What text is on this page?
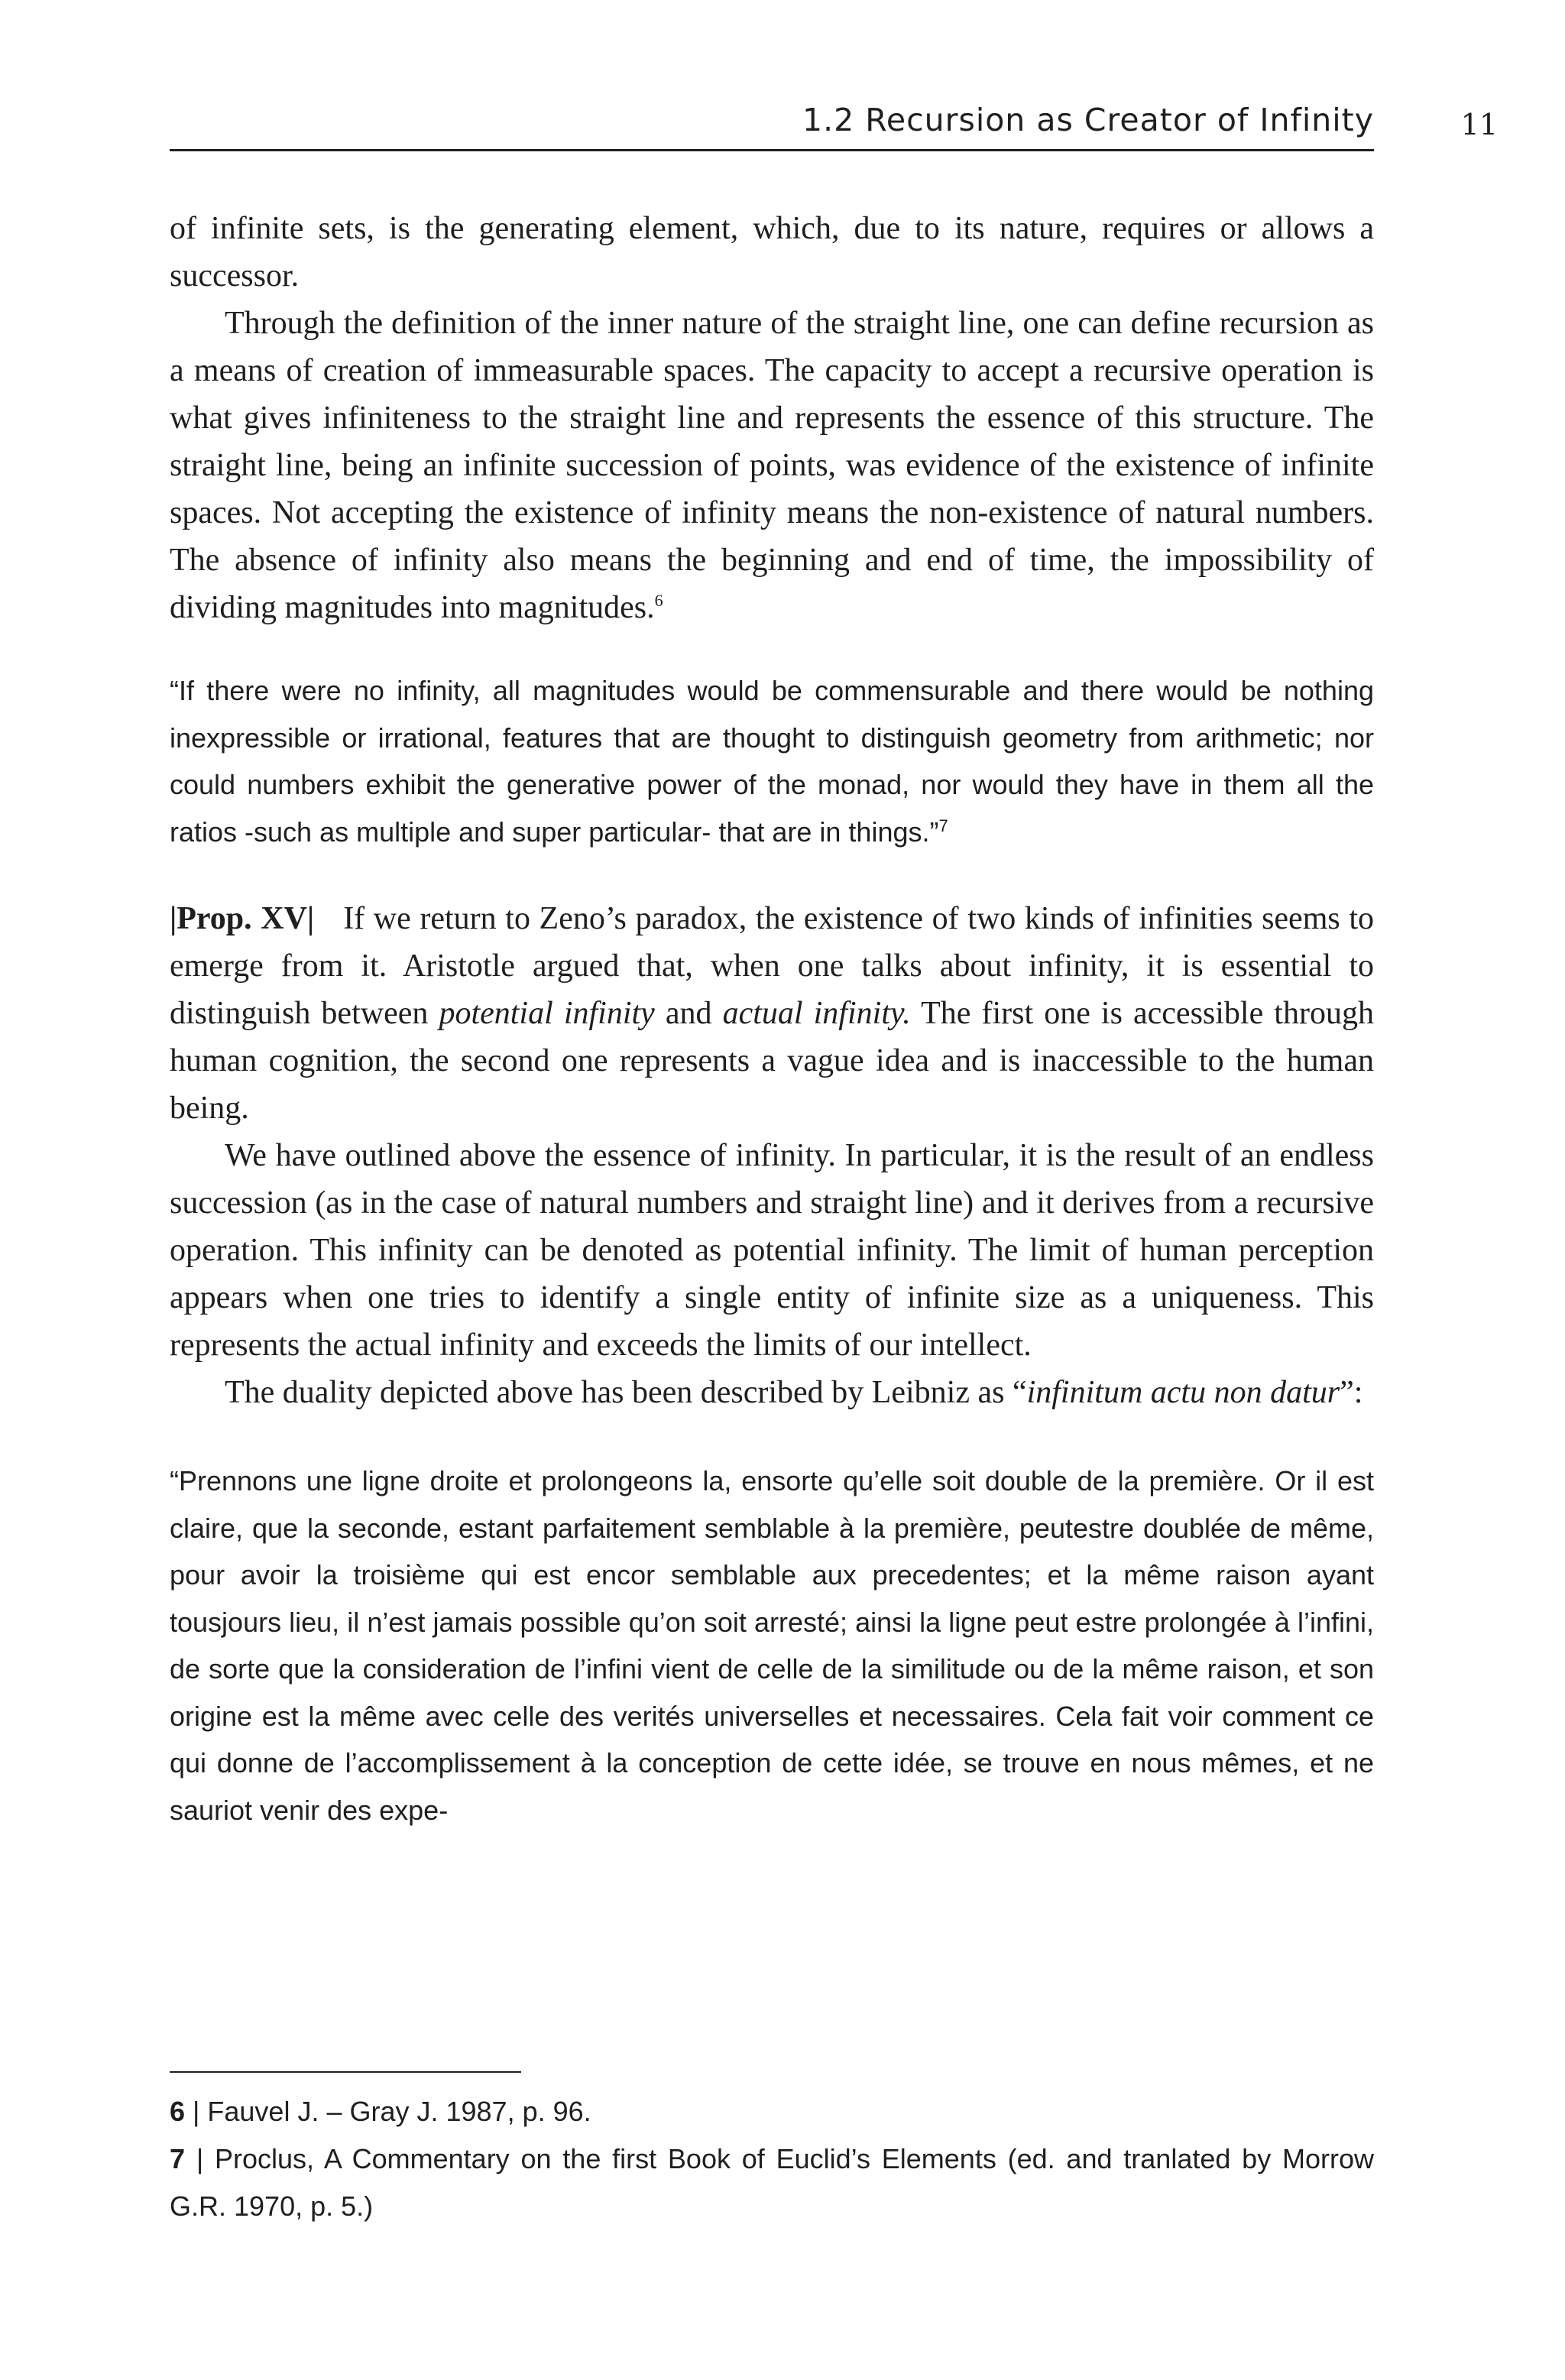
1.2 Recursion as Creator of Infinity	11

of infinite sets, is the generating element, which, due to its nature, requires or allows a successor.

Through the definition of the inner nature of the straight line, one can define recursion as a means of creation of immeasurable spaces. The capacity to accept a recursive operation is what gives infiniteness to the straight line and represents the essence of this structure. The straight line, being an infinite succession of points, was evidence of the existence of infinite spaces. Not accepting the existence of infinity means the non-existence of natural numbers. The absence of infinity also means the beginning and end of time, the impossibility of dividing magnitudes into magnitudes.$^6$

“If there were no infinity, all magnitudes would be commensurable and there would be nothing inexpressible or irrational, features that are thought to distinguish geometry from arithmetic; nor could numbers exhibit the generative power of the monad, nor would they have in them all the ratios -such as multiple and super particular- that are in things.”$^7$

|Prop. XV| If we return to Zeno’s paradox, the existence of two kinds of infinities seems to emerge from it. Aristotle argued that, when one talks about infinity, it is essential to distinguish between potential infinity and actual infinity. The first one is accessible through human cognition, the second one represents a vague idea and is inaccessible to the human being.

We have outlined above the essence of infinity. In particular, it is the result of an endless succession (as in the case of natural numbers and straight line) and it derives from a recursive operation. This infinity can be denoted as potential infinity. The limit of human perception appears when one tries to identify a single entity of infinite size as a uniqueness. This represents the actual infinity and exceeds the limits of our intellect.

The duality depicted above has been described by Leibniz as “infinitum actu non datur”:

“Prennons une ligne droite et prolongeons la, ensorte qu’elle soit double de la première. Or il est claire, que la seconde, estant parfaitement semblable à la première, peutestre doublée de même, pour avoir la troisième qui est encor semblable aux precedentes; et la même raison ayant tousjours lieu, il n’est jamais possible qu’on soit arresté; ainsi la ligne peut estre prolongée à l’infini, de sorte que la consideration de l’infini vient de celle de la similitude ou de la même raison, et son origine est la même avec celle des verités universelles et necessaires. Cela fait voir comment ce qui donne de l’accomplissement à la conception de cette idée, se trouve en nous mêmes, et ne sauriot venir des expe-

6 | Fauvel J. – Gray J. 1987, p. 96.

7 | Proclus, A Commentary on the first Book of Euclid’s Elements (ed. and tranlated by Morrow G.R. 1970, p. 5.)
